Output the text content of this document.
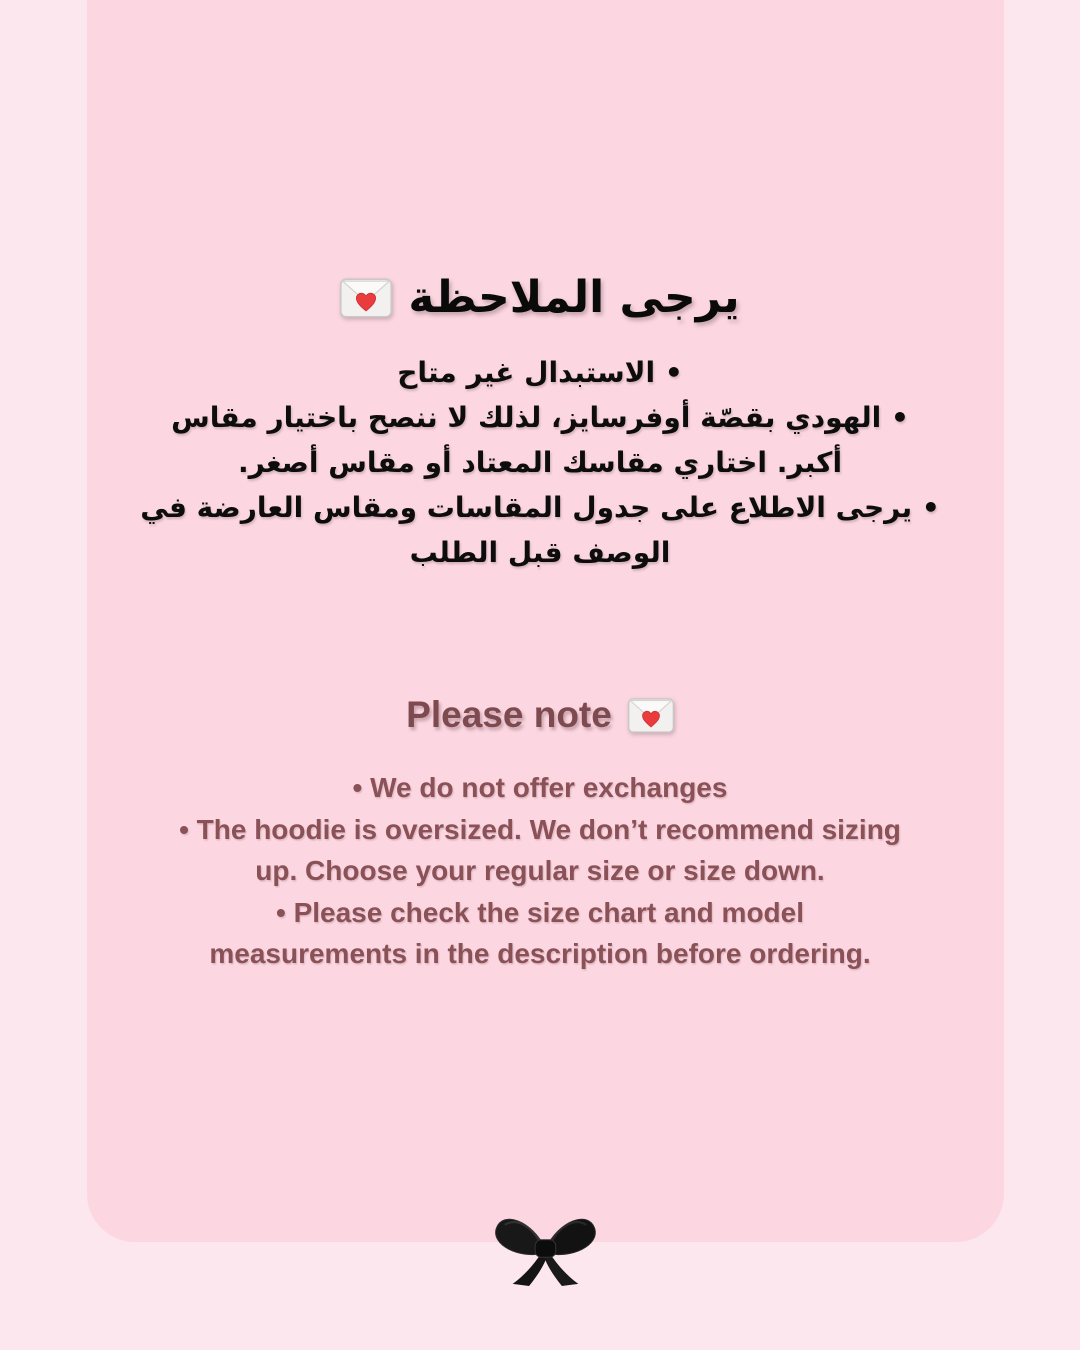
يرجى الملاحظة
• الاستبدال غير متاح
• الهودي بقصّة أوفرسايز، لذلك لا ننصح باختيار مقاس
أكبر. اختاري مقاسك المعتاد أو مقاس أصغر.
• يرجى الاطلاع على جدول المقاسات ومقاس العارضة في
الوصف قبل الطلب
Please note
• We do not offer exchanges
• The hoodie is oversized. We don’t recommend sizing
up. Choose your regular size or size down.
• Please check the size chart and model
measurements in the description before ordering.
